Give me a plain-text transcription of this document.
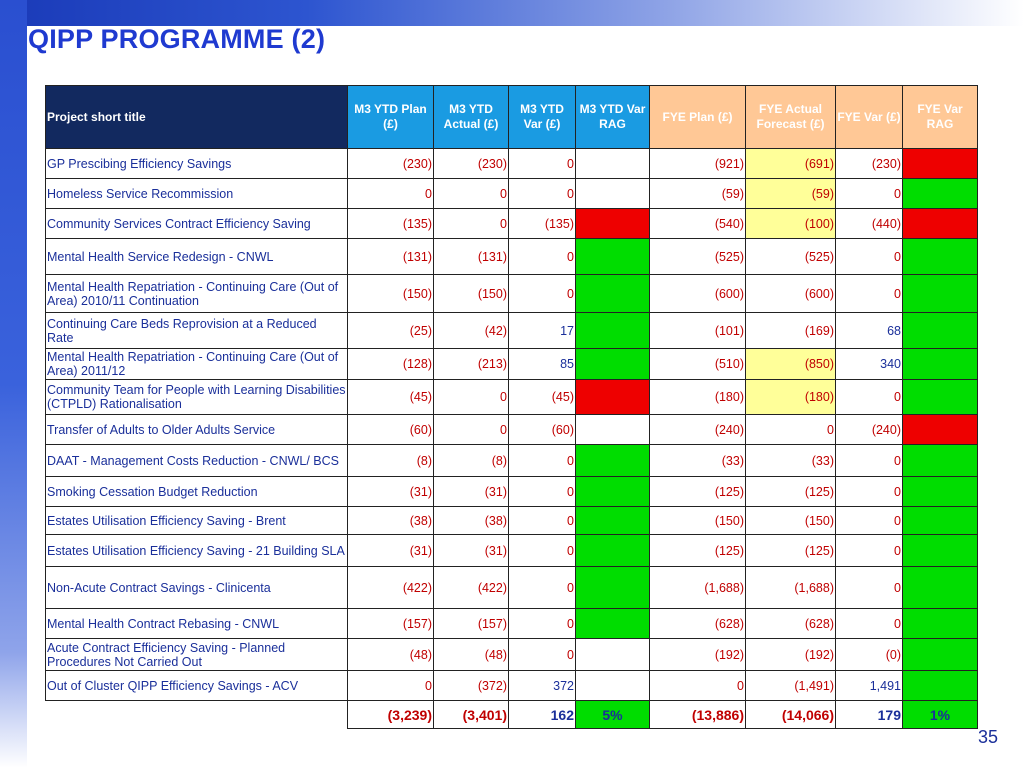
QIPP PROGRAMME (2)
Project short title	M3 YTD Plan (£)	M3 YTD Actual (£)	M3 YTD Var (£)	M3 YTD Var RAG	FYE Plan (£)	FYE Actual Forecast (£)	FYE Var (£)	FYE Var RAG
GP Prescibing Efficiency Savings	(230)	(230)	0		(921)	(691)	(230)	
Homeless Service Recommission	0	0	0		(59)	(59)	0	
Community Services Contract Efficiency Saving	(135)	0	(135)		(540)	(100)	(440)	
Mental Health Service Redesign - CNWL	(131)	(131)	0		(525)	(525)	0	
Mental Health Repatriation - Continuing Care (Out of Area) 2010/11 Continuation	(150)	(150)	0		(600)	(600)	0	
Continuing Care Beds Reprovision at a Reduced Rate	(25)	(42)	17		(101)	(169)	68	
Mental Health Repatriation - Continuing Care (Out of Area) 2011/12	(128)	(213)	85		(510)	(850)	340	
Community Team for People with Learning Disabilities (CTPLD) Rationalisation	(45)	0	(45)		(180)	(180)	0	
Transfer of Adults to Older Adults Service	(60)	0	(60)		(240)	0	(240)	
DAAT - Management Costs Reduction - CNWL/ BCS	(8)	(8)	0		(33)	(33)	0	
Smoking Cessation Budget Reduction	(31)	(31)	0		(125)	(125)	0	
Estates Utilisation Efficiency Saving - Brent	(38)	(38)	0		(150)	(150)	0	
Estates Utilisation Efficiency Saving - 21 Building SLA	(31)	(31)	0		(125)	(125)	0	
Non-Acute Contract Savings - Clinicenta	(422)	(422)	0		(1,688)	(1,688)	0	
Mental Health Contract Rebasing - CNWL	(157)	(157)	0		(628)	(628)	0	
Acute Contract Efficiency Saving - Planned Procedures Not Carried Out	(48)	(48)	0		(192)	(192)	(0)	
Out of Cluster QIPP Efficiency Savings - ACV	0	(372)	372		0	(1,491)	1,491	
	(3,239)	(3,401)	162	5%	(13,886)	(14,066)	179	1%
35
